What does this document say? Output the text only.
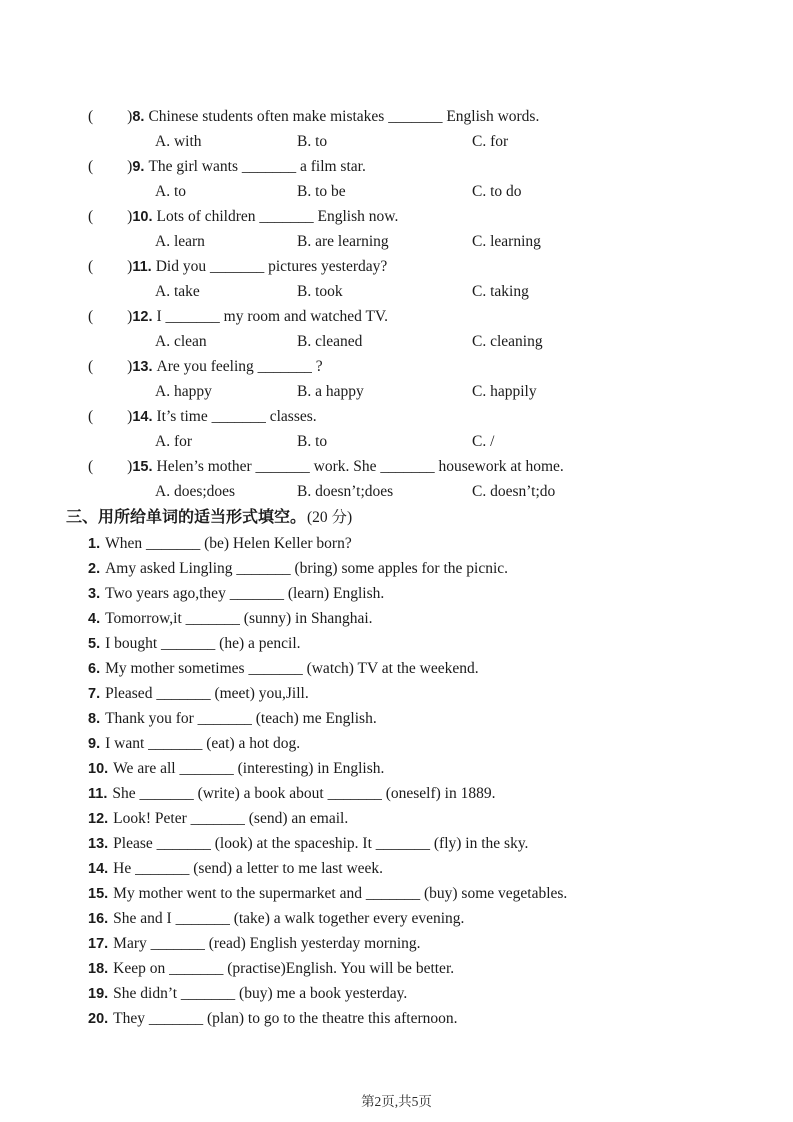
( )8. Chinese students often make mistakes _______ English words.
A. with	B. to	C. for
( )9. The girl wants _______ a film star.
A. to	B. to be	C. to do
( )10. Lots of children _______ English now.
A. learn	B. are learning	C. learning
( )11. Did you _______ pictures yesterday?
A. take	B. took	C. taking
( )12. I _______ my room and watched TV.
A. clean	B. cleaned	C. cleaning
( )13. Are you feeling _______ ?
A. happy	B. a happy	C. happily
( )14. It’s time _______ classes.
A. for	B. to	C. /
( )15. Helen’s mother _______ work. She _______ housework at home.
A. does;does	B. doesn’t;does	C. doesn’t;do
三、用所给单词的适当形式填空。(20 分)
1. When _______ (be) Helen Keller born?
2. Amy asked Lingling _______ (bring) some apples for the picnic.
3. Two years ago,they _______ (learn) English.
4. Tomorrow,it _______ (sunny) in Shanghai.
5. I bought _______ (he) a pencil.
6. My mother sometimes _______ (watch) TV at the weekend.
7. Pleased _______ (meet) you,Jill.
8. Thank you for _______ (teach) me English.
9. I want _______ (eat) a hot dog.
10. We are all _______ (interesting) in English.
11. She _______ (write) a book about _______ (oneself) in 1889.
12. Look! Peter _______ (send) an email.
13. Please _______ (look) at the spaceship. It _______ (fly) in the sky.
14. He _______ (send) a letter to me last week.
15. My mother went to the supermarket and _______ (buy) some vegetables.
16. She and I _______ (take) a walk together every evening.
17. Mary _______ (read) English yesterday morning.
18. Keep on _______ (practise)English. You will be better.
19. She didn’t _______ (buy) me a book yesterday.
20. They _______ (plan) to go to the theatre this afternoon.
第2页,共5页
